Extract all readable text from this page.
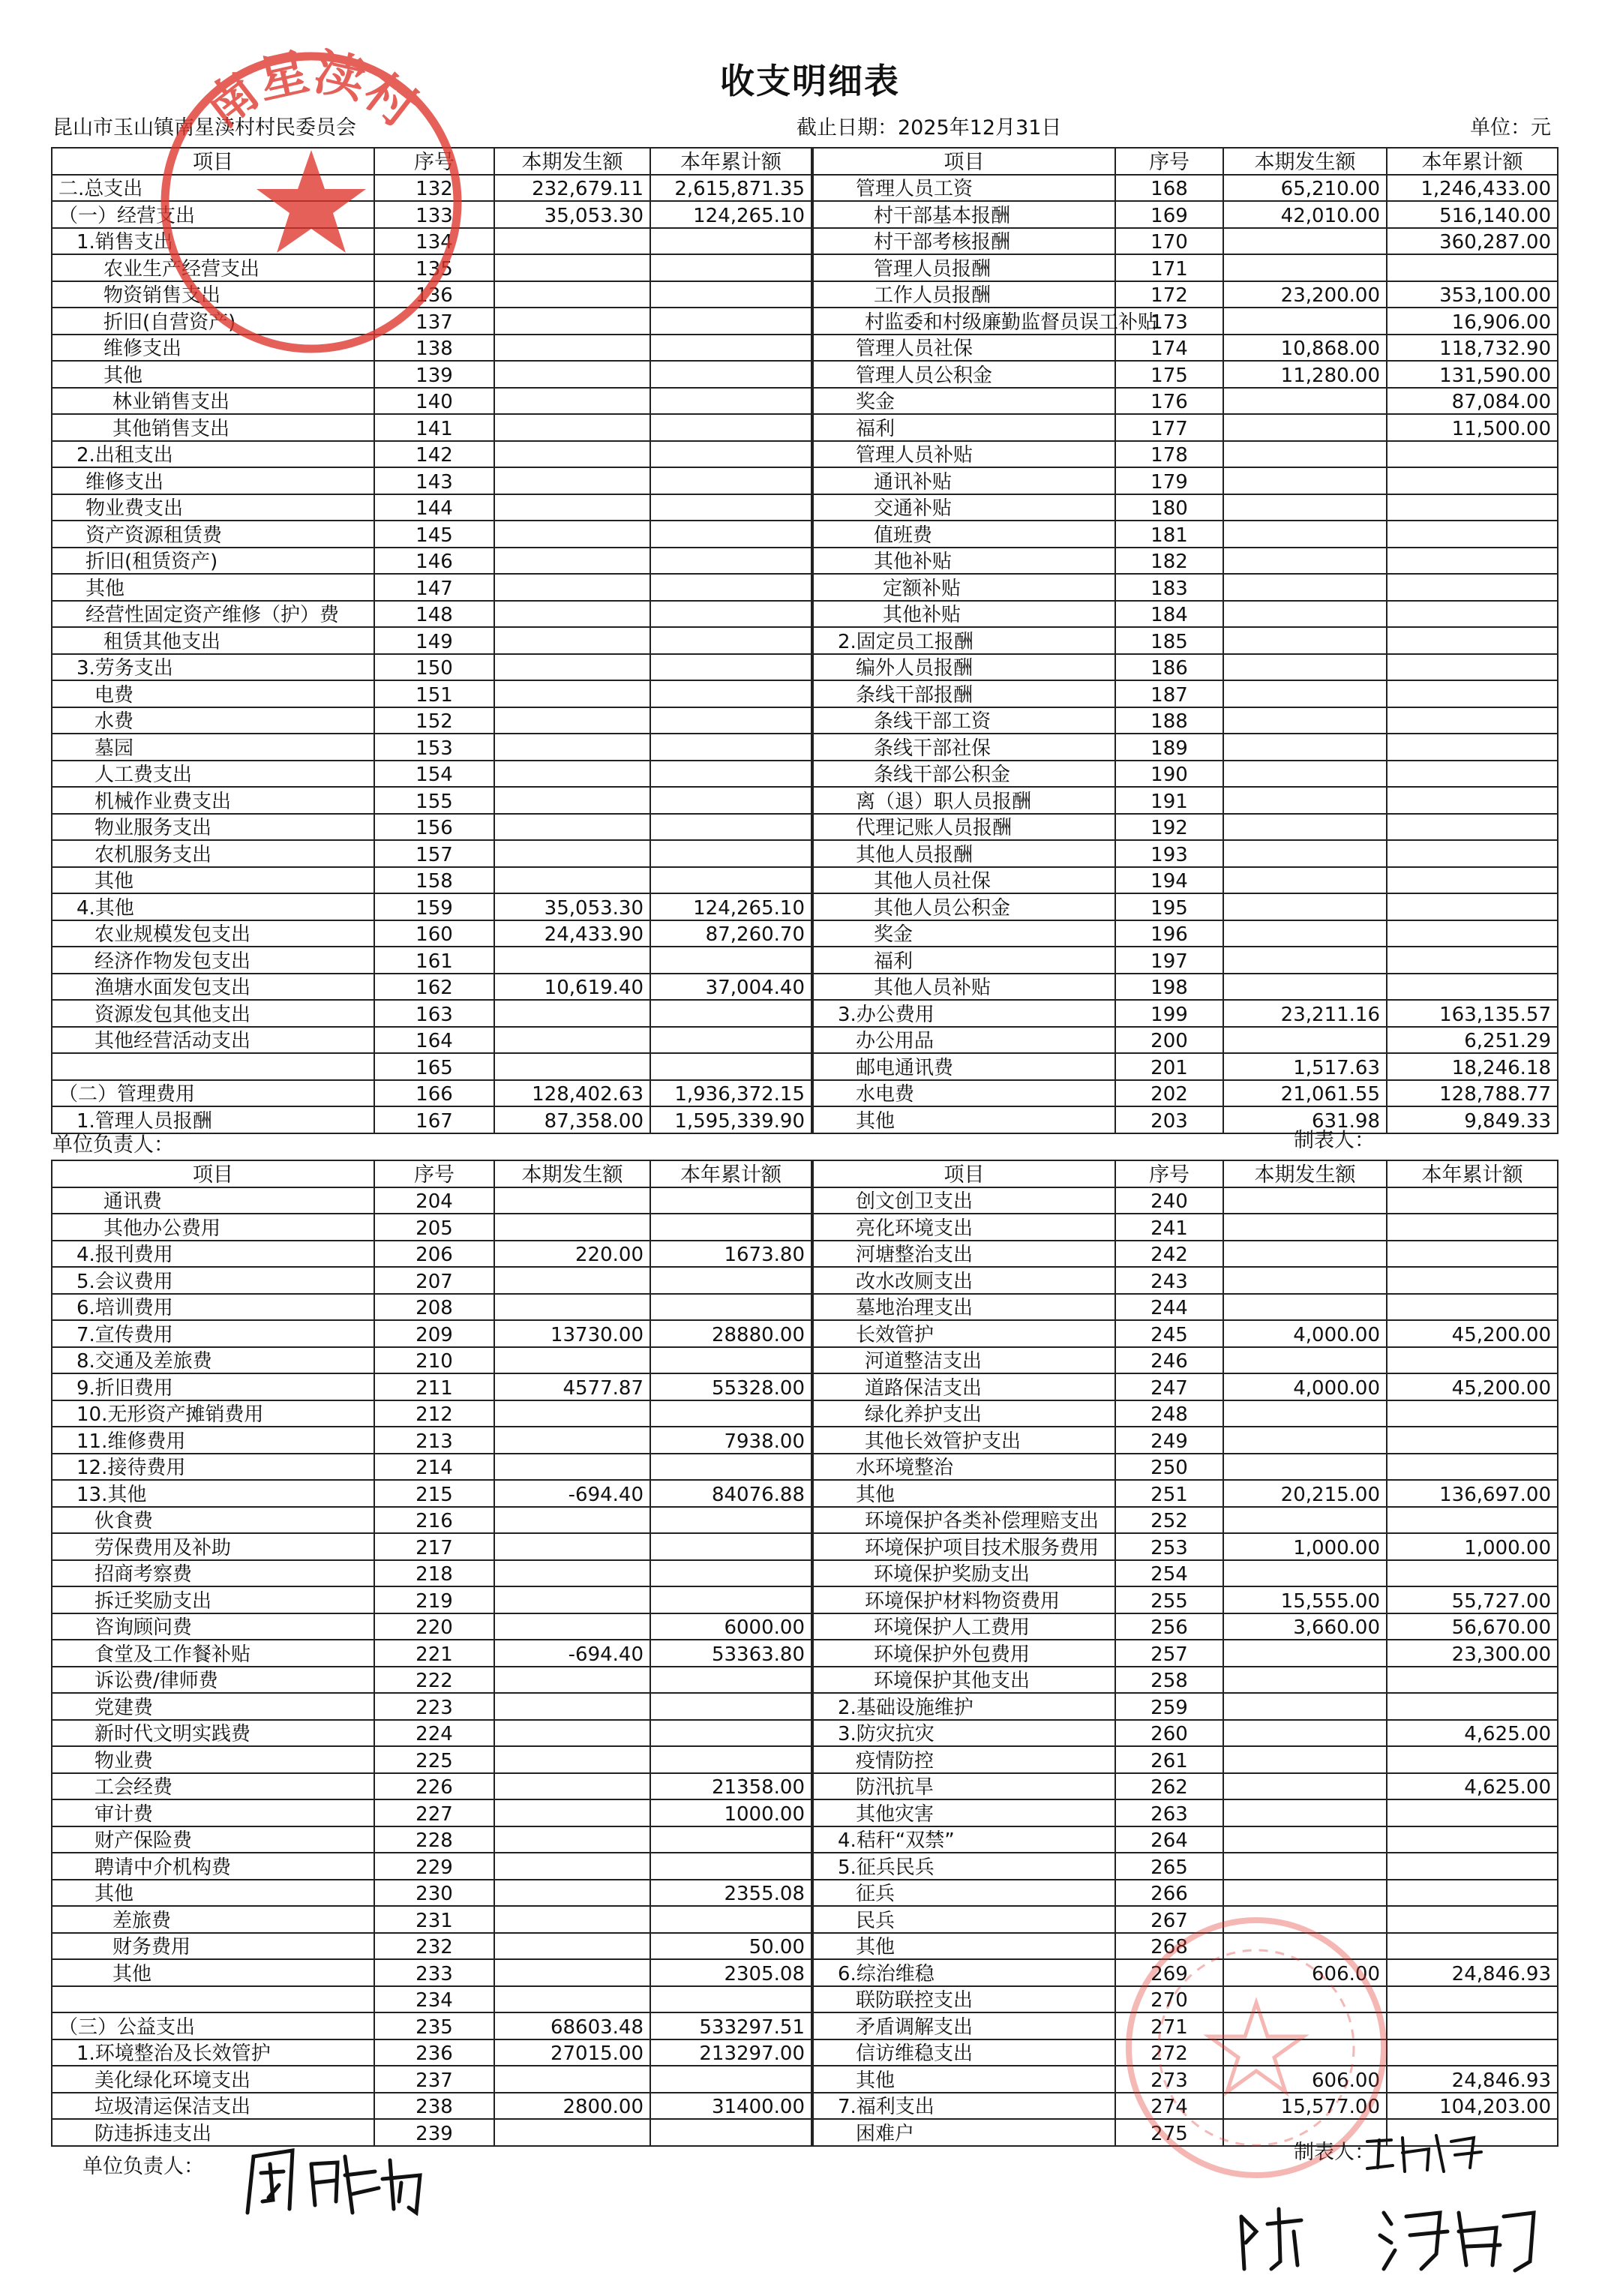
收支明细表
昆山市玉山镇南星渎村村民委员会	截止日期：2025年12月31日	单位：元
项目	序号	本期发生额	本年累计额	项目	序号	本期发生额	本年累计额
二.总支出	132	232,679.11	2,615,871.35	管理人员工资	168	65,210.00	1,246,433.00
（一）经营支出	133	35,053.30	124,265.10	村干部基本报酬	169	42,010.00	516,140.00
1.销售支出	134			村干部考核报酬	170		360,287.00
农业生产经营支出	135			管理人员报酬	171		
物资销售支出	136			工作人员报酬	172	23,200.00	353,100.00
折旧(自营资产)	137			村监委和村级廉勤监督员误工补贴	173		16,906.00
维修支出	138			管理人员社保	174	10,868.00	118,732.90
其他	139			管理人员公积金	175	11,280.00	131,590.00
林业销售支出	140			奖金	176		87,084.00
其他销售支出	141			福利	177		11,500.00
2.出租支出	142			管理人员补贴	178		
维修支出	143			通讯补贴	179		
物业费支出	144			交通补贴	180		
资产资源租赁费	145			值班费	181		
折旧(租赁资产)	146			其他补贴	182		
其他	147			定额补贴	183		
经营性固定资产维修（护）费	148			其他补贴	184		
租赁其他支出	149			2.固定员工报酬	185		
3.劳务支出	150			编外人员报酬	186		
电费	151			条线干部报酬	187		
水费	152			条线干部工资	188		
墓园	153			条线干部社保	189		
人工费支出	154			条线干部公积金	190		
机械作业费支出	155			离（退）职人员报酬	191		
物业服务支出	156			代理记账人员报酬	192		
农机服务支出	157			其他人员报酬	193		
其他	158			其他人员社保	194		
4.其他	159	35,053.30	124,265.10	其他人员公积金	195		
农业规模发包支出	160	24,433.90	87,260.70	奖金	196		
经济作物发包支出	161			福利	197		
渔塘水面发包支出	162	10,619.40	37,004.40	其他人员补贴	198		
资源发包其他支出	163			3.办公费用	199	23,211.16	163,135.57
其他经营活动支出	164			办公用品	200		6,251.29
	165			邮电通讯费	201	1,517.63	18,246.18
（二）管理费用	166	128,402.63	1,936,372.15	水电费	202	21,061.55	128,788.77
1.管理人员报酬	167	87,358.00	1,595,339.90	其他	203	631.98	9,849.33
单位负责人：	制表人：
项目	序号	本期发生额	本年累计额	项目	序号	本期发生额	本年累计额
通讯费	204			创文创卫支出	240		
其他办公费用	205			亮化环境支出	241		
4.报刊费用	206	220.00	1673.80	河塘整治支出	242		
5.会议费用	207			改水改厕支出	243		
6.培训费用	208			墓地治理支出	244		
7.宣传费用	209	13730.00	28880.00	长效管护	245	4,000.00	45,200.00
8.交通及差旅费	210			河道整洁支出	246		
9.折旧费用	211	4577.87	55328.00	道路保洁支出	247	4,000.00	45,200.00
10.无形资产摊销费用	212			绿化养护支出	248		
11.维修费用	213		7938.00	其他长效管护支出	249		
12.接待费用	214			水环境整治	250		
13.其他	215	-694.40	84076.88	其他	251	20,215.00	136,697.00
伙食费	216			环境保护各类补偿理赔支出	252		
劳保费用及补助	217			环境保护项目技术服务费用	253	1,000.00	1,000.00
招商考察费	218			环境保护奖励支出	254		
拆迁奖励支出	219			环境保护材料物资费用	255	15,555.00	55,727.00
咨询顾问费	220		6000.00	环境保护人工费用	256	3,660.00	56,670.00
食堂及工作餐补贴	221	-694.40	53363.80	环境保护外包费用	257		23,300.00
诉讼费/律师费	222			环境保护其他支出	258		
党建费	223			2.基础设施维护	259		
新时代文明实践费	224			3.防灾抗灾	260		4,625.00
物业费	225			疫情防控	261		
工会经费	226		21358.00	防汛抗旱	262		4,625.00
审计费	227		1000.00	其他灾害	263		
财产保险费	228			4.秸秆“双禁”	264		
聘请中介机构费	229			5.征兵民兵	265		
其他	230		2355.08	征兵	266		
差旅费	231			民兵	267		
财务费用	232		50.00	其他	268		
其他	233		2305.08	6.综治维稳	269	606.00	24,846.93
	234			联防联控支出	270		
（三）公益支出	235	68603.48	533297.51	矛盾调解支出	271		
1.环境整治及长效管护	236	27015.00	213297.00	信访维稳支出	272		
美化绿化环境支出	237			其他	273	606.00	24,846.93
垃圾清运保洁支出	238	2800.00	31400.00	7.福利支出	274	15,577.00	104,203.00
防违拆违支出	239			困难户	275		
单位负责人：
制表人：
南星渎村
